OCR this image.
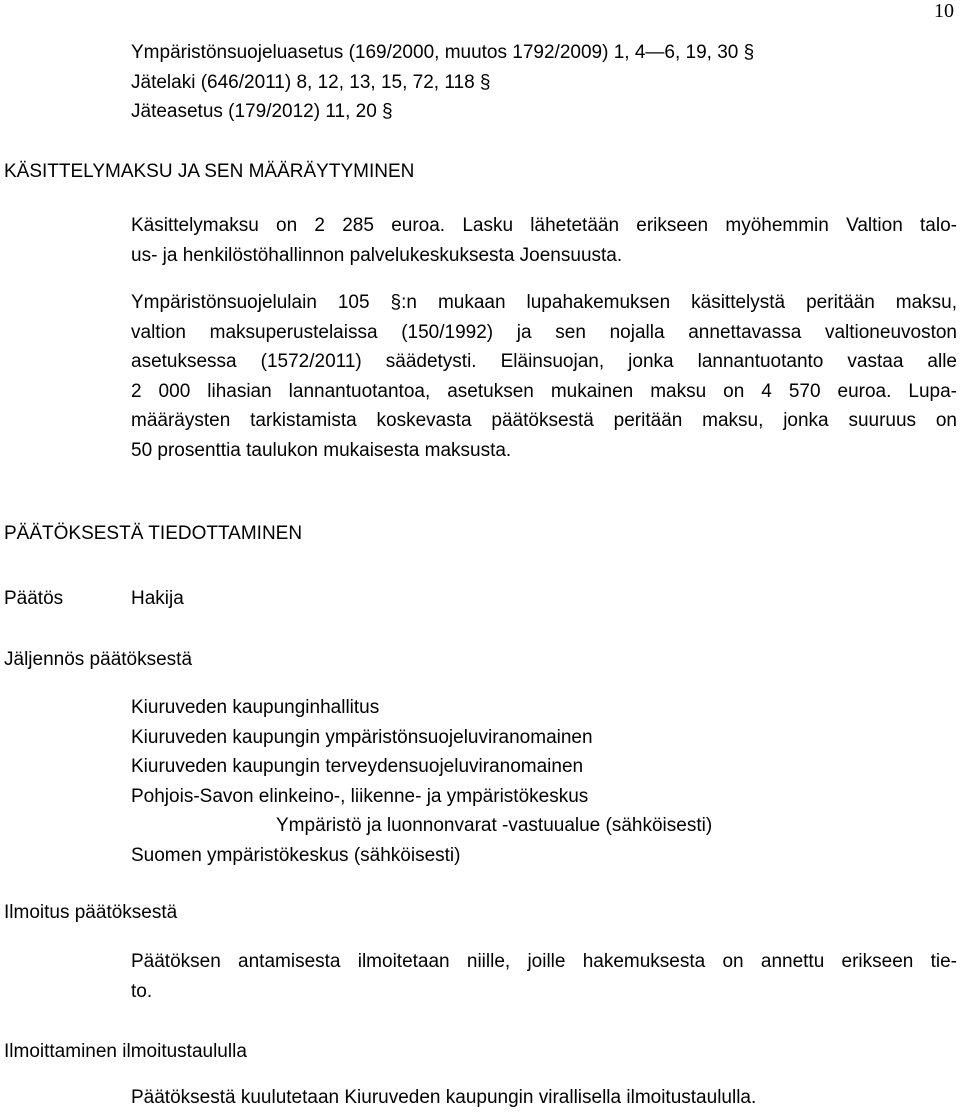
10
Ympäristönsuojeluasetus (169/2000, muutos 1792/2009) 1, 4—6, 19, 30 §
Jätelaki (646/2011) 8, 12, 13, 15, 72, 118 §
Jäteasetus (179/2012) 11, 20 §
KÄSITTELYMAKSU JA SEN MÄÄRÄYTYMINEN
Käsittelymaksu on 2 285 euroa. Lasku lähetetään erikseen myöhemmin Valtion talo-
us- ja henkilöstöhallinnon palvelukeskuksesta Joensuusta.
Ympäristönsuojelulain 105 §:n mukaan lupahakemuksen käsittelystä peritään maksu,
valtion maksuperustelaissa (150/1992) ja sen nojalla annettavassa valtioneuvoston
asetuksessa (1572/2011) säädetysti. Eläinsuojan, jonka lannantuotanto vastaa alle
2 000 lihasian lannantuotantoa, asetuksen mukainen maksu on 4 570 euroa. Lupa-
määräysten tarkistamista koskevasta päätöksestä peritään maksu, jonka suuruus on
50 prosenttia taulukon mukaisesta maksusta.
PÄÄTÖKSESTÄ TIEDOTTAMINEN
Päätös	Hakija
Jäljennös päätöksestä
Kiuruveden kaupunginhallitus
Kiuruveden kaupungin ympäristönsuojeluviranomainen
Kiuruveden kaupungin terveydensuojeluviranomainen
Pohjois-Savon elinkeino-, liikenne- ja ympäristökeskus
Ympäristö ja luonnonvarat -vastuualue (sähköisesti)
Suomen ympäristökeskus (sähköisesti)
Ilmoitus päätöksestä
Päätöksen antamisesta ilmoitetaan niille, joille hakemuksesta on annettu erikseen tie-
to.
Ilmoittaminen ilmoitustaululla
Päätöksestä kuulutetaan Kiuruveden kaupungin virallisella ilmoitustaululla.
